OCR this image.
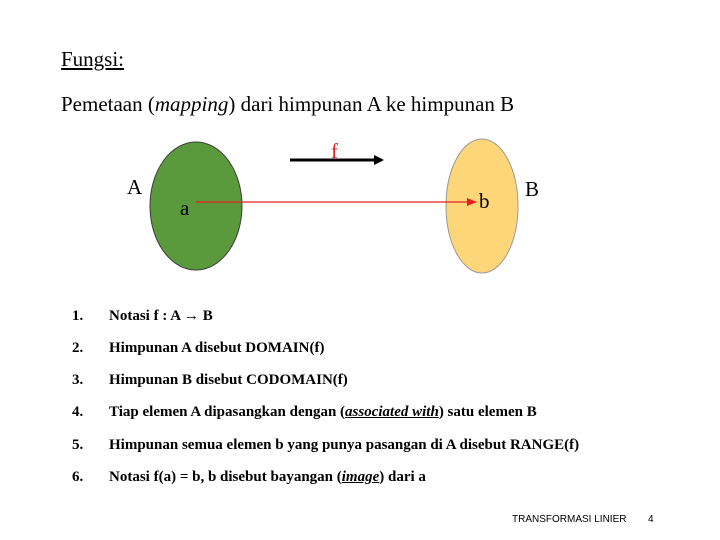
Fungsi:
Pemetaan (mapping) dari himpunan A ke himpunan B
f
A
a	b B
1. Notasi f : A → B
2. Himpunan A disebut DOMAIN(f)
3. Himpunan B disebut CODOMAIN(f)
4. Tiap elemen A dipasangkan dengan (associated with) satu elemen B
5. Himpunan semua elemen b yang punya pasangan di A disebut RANGE(f)
6. Notasi f(a) = b, b disebut bayangan (image) dari a
TRANSFORMASI LINIER 4
